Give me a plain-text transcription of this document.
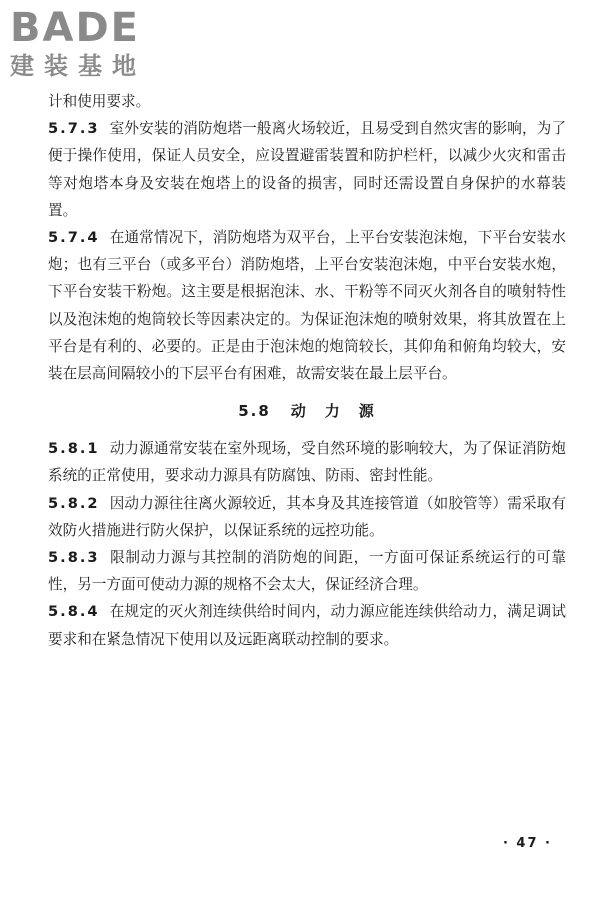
BADE
建装基地

计和使用要求。

5.7.3 室外安装的消防炮塔一般离火场较近，且易受到自然灾害的影响，为了便于操作使用，保证人员安全，应设置避雷装置和防护栏杆，以减少火灾和雷击等对炮塔本身及安装在炮塔上的设备的损害，同时还需设置自身保护的水幕装置。

5.7.4 在通常情况下，消防炮塔为双平台，上平台安装泡沫炮，下平台安装水炮；也有三平台（或多平台）消防炮塔，上平台安装泡沫炮，中平台安装水炮，下平台安装干粉炮。这主要是根据泡沫、水、干粉等不同灭火剂各自的喷射特性以及泡沫炮的炮筒较长等因素决定的。为保证泡沫炮的喷射效果，将其放置在上平台是有利的、必要的。正是由于泡沫炮的炮筒较长，其仰角和俯角均较大，安装在层高间隔较小的下层平台有困难，故需安装在最上层平台。

5.8 动　力　源

5.8.1 动力源通常安装在室外现场，受自然环境的影响较大，为了保证消防炮系统的正常使用，要求动力源具有防腐蚀、防雨、密封性能。

5.8.2 因动力源往往离火源较近，其本身及其连接管道（如胶管等）需采取有效防火措施进行防火保护，以保证系统的远控功能。

5.8.3 限制动力源与其控制的消防炮的间距，一方面可保证系统运行的可靠性，另一方面可使动力源的规格不会太大，保证经济合理。

5.8.4 在规定的灭火剂连续供给时间内，动力源应能连续供给动力，满足调试要求和在紧急情况下使用以及远距离联动控制的要求。

· 47 ·
